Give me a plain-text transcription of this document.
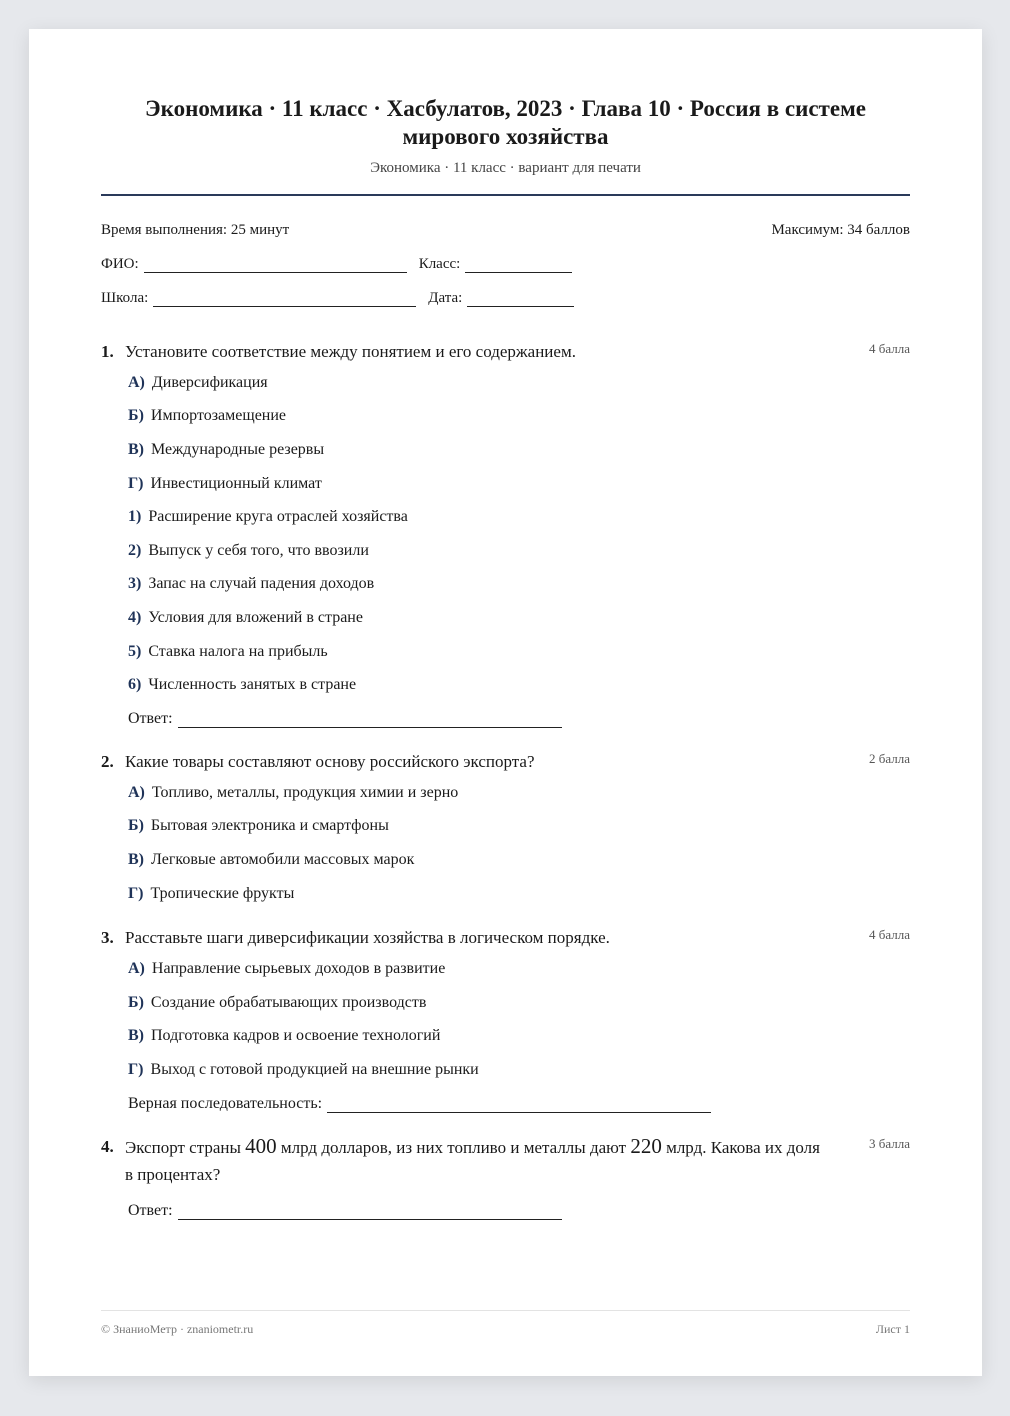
Экономика · 11 класс · Хасбулатов, 2023 · Глава 10 · Россия в системе мирового хозяйства
Экономика · 11 класс · вариант для печати
Время выполнения: 25 минут	Максимум: 34 баллов
ФИО:	Класс:
Школа:	Дата:
1. Установите соответствие между понятием и его содержанием.	4 балла
А) Диверсификация
Б) Импортозамещение
В) Международные резервы
Г) Инвестиционный климат
1) Расширение круга отраслей хозяйства
2) Выпуск у себя того, что ввозили
3) Запас на случай падения доходов
4) Условия для вложений в стране
5) Ставка налога на прибыль
6) Численность занятых в стране
Ответ:
2. Какие товары составляют основу российского экспорта?	2 балла
А) Топливо, металлы, продукция химии и зерно
Б) Бытовая электроника и смартфоны
В) Легковые автомобили массовых марок
Г) Тропические фрукты
3. Расставьте шаги диверсификации хозяйства в логическом порядке.	4 балла
А) Направление сырьевых доходов в развитие
Б) Создание обрабатывающих производств
В) Подготовка кадров и освоение технологий
Г) Выход с готовой продукцией на внешние рынки
Верная последовательность:
4. Экспорт страны 400 млрд долларов, из них топливо и металлы дают 220 млрд. Какова их доля в процентах?
3 балла
Ответ:
© ЗнаниоМетр · znaniometr.ru	Лист 1
